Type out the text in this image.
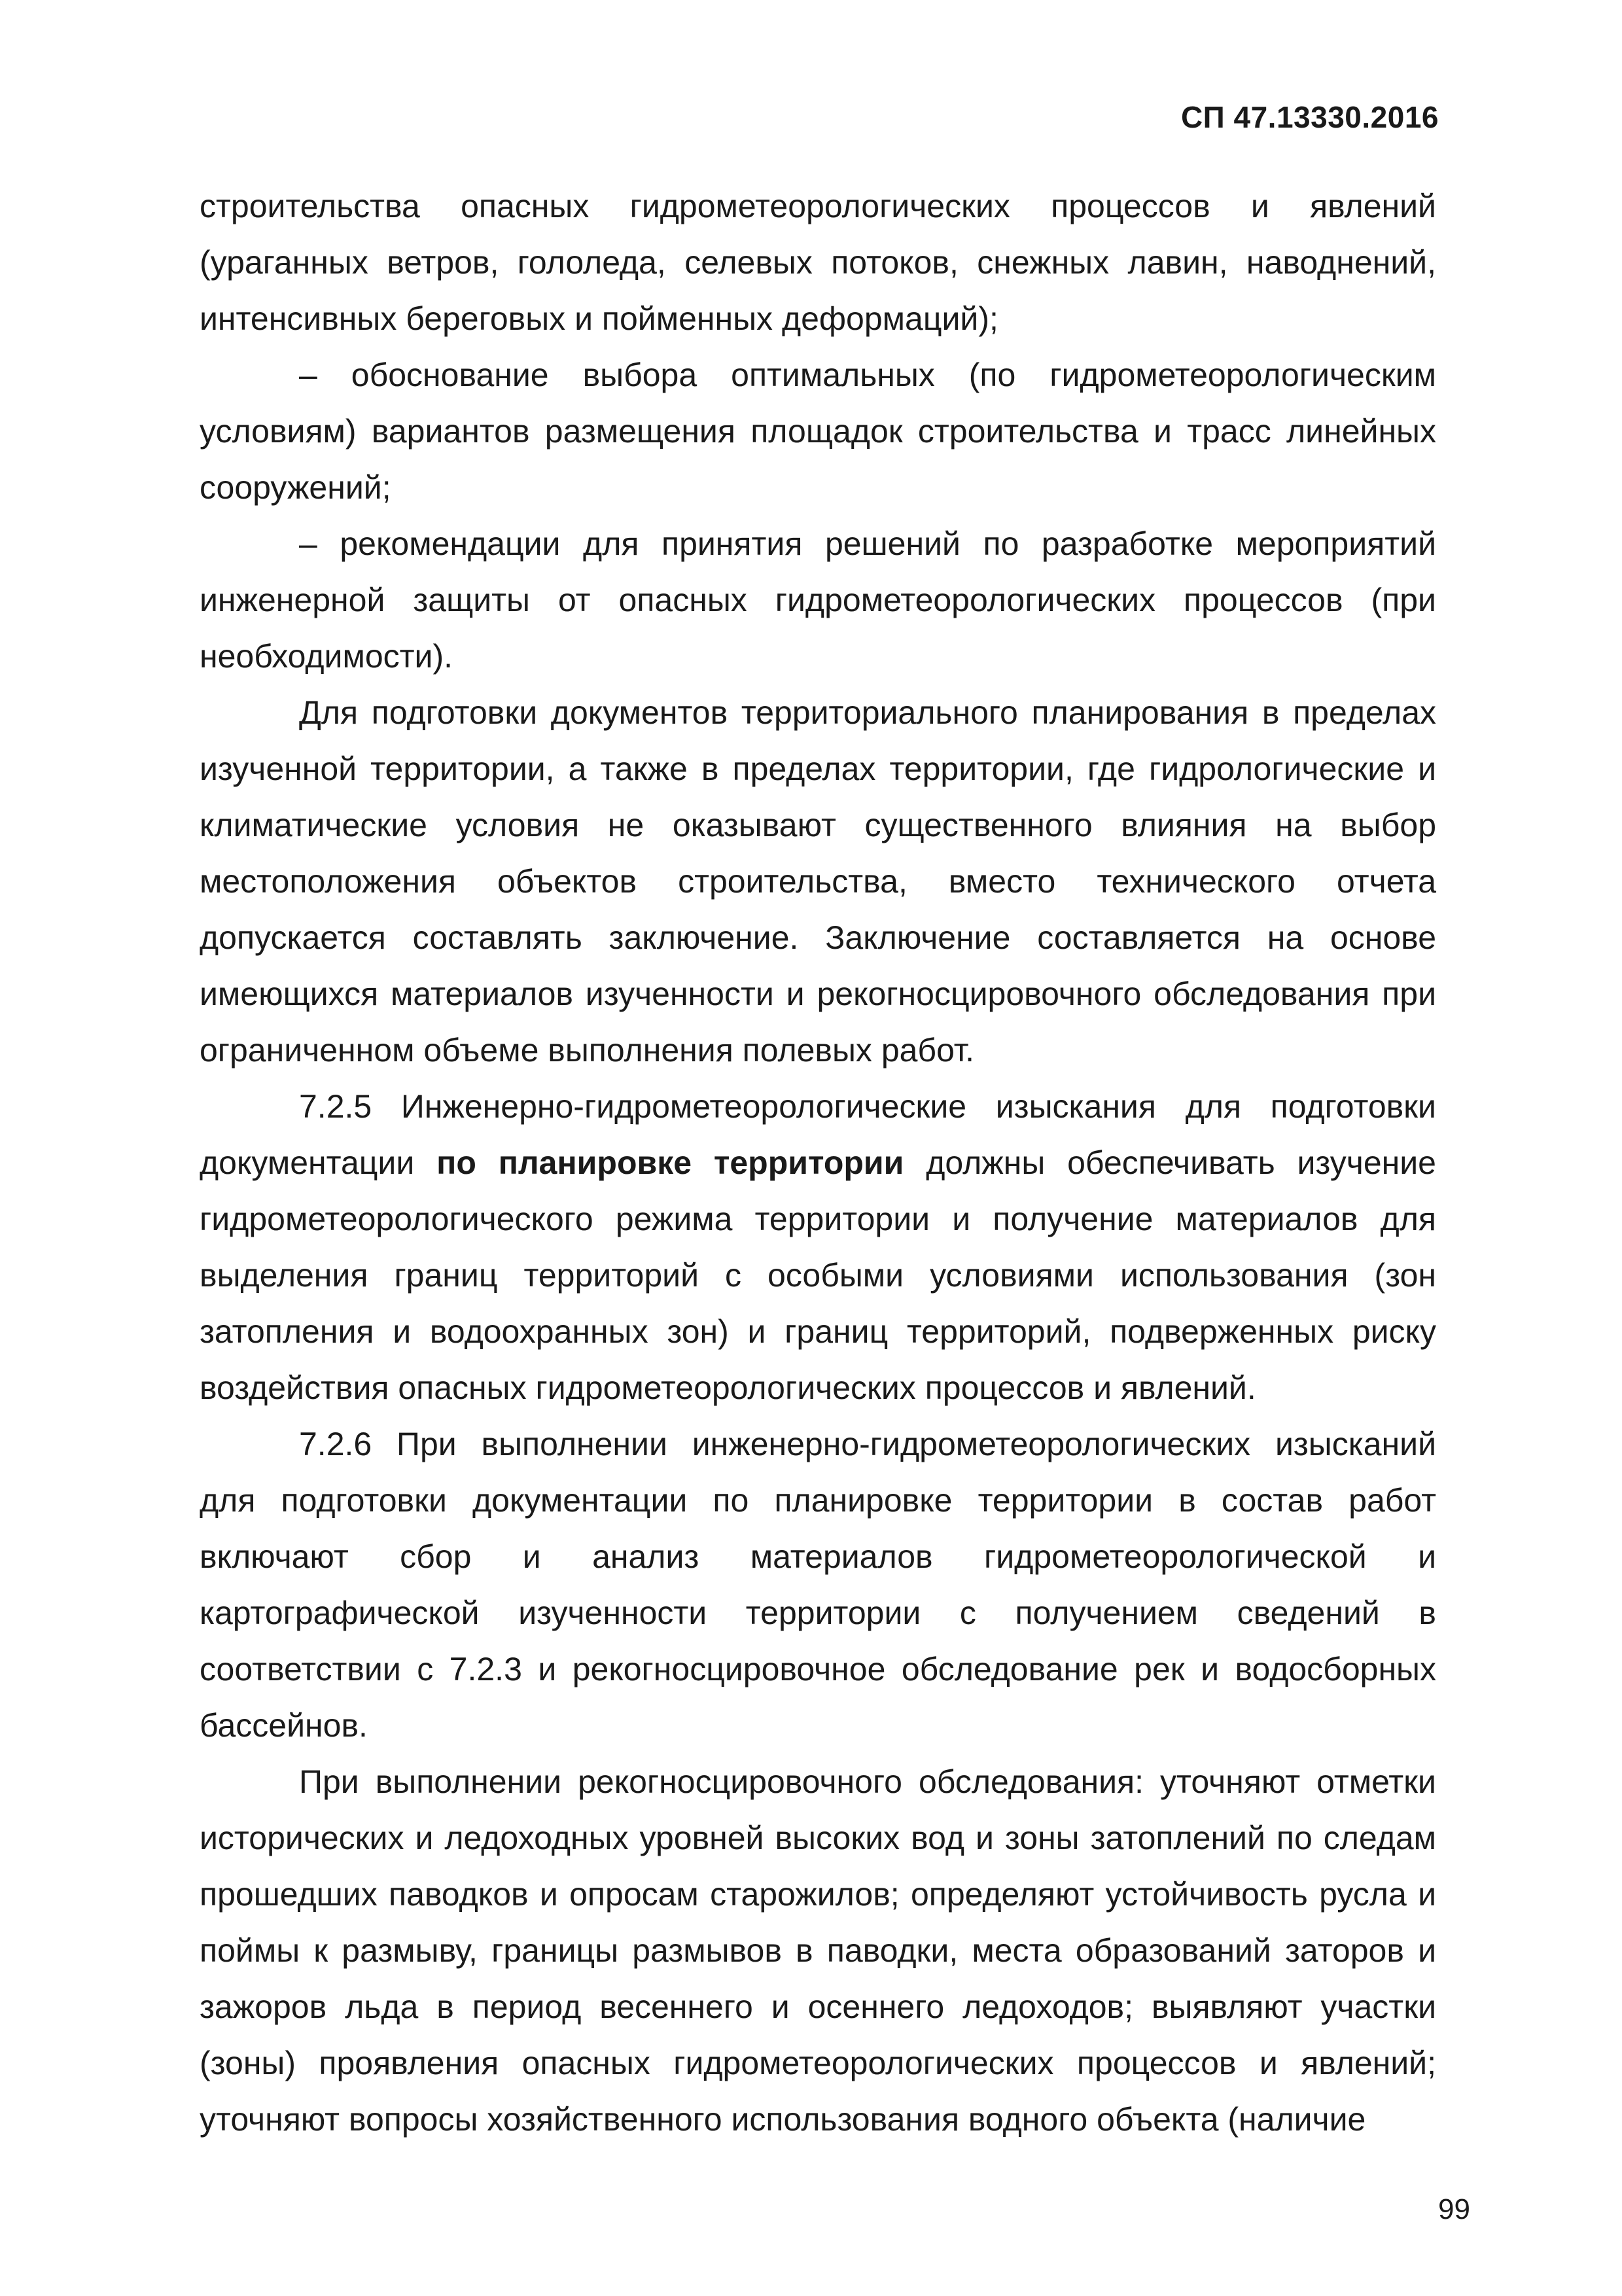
СП 47.13330.2016

строительства опасных гидрометеорологических процессов и явлений (ураганных ветров, гололеда, селевых потоков, снежных лавин, наводнений, интенсивных береговых и пойменных деформаций);

– обоснование выбора оптимальных (по гидрометеорологическим условиям) вариантов размещения площадок строительства и трасс линейных сооружений;

– рекомендации для принятия решений по разработке мероприятий инженерной защиты от опасных гидрометеорологических процессов (при необходимости).

Для подготовки документов территориального планирования в пределах изученной территории, а также в пределах территории, где гидрологические и климатические условия не оказывают существенного влияния на выбор местоположения объектов строительства, вместо технического отчета допускается составлять заключение. Заключение составляется на основе имеющихся материалов изученности и рекогносцировочного обследования при ограниченном объеме выполнения полевых работ.

7.2.5 Инженерно-гидрометеорологические изыскания для подготовки документации по планировке территории должны обеспечивать изучение гидрометеорологического режима территории и получение материалов для выделения границ территорий с особыми условиями использования (зон затопления и водоохранных зон) и границ территорий, подверженных риску воздействия опасных гидрометеорологических процессов и явлений.

7.2.6 При выполнении инженерно-гидрометеорологических изысканий для подготовки документации по планировке территории в состав работ включают сбор и анализ материалов гидрометеорологической и картографической изученности территории с получением сведений в соответствии с 7.2.3 и рекогносцировочное обследование рек и водосборных бассейнов.

При выполнении рекогносцировочного обследования: уточняют отметки исторических и ледоходных уровней высоких вод и зоны затоплений по следам прошедших паводков и опросам старожилов; определяют устойчивость русла и поймы к размыву, границы размывов в паводки, места образований заторов и зажоров льда в период весеннего и осеннего ледоходов; выявляют участки (зоны) проявления опасных гидрометеорологических процессов и явлений; уточняют вопросы хозяйственного использования водного объекта (наличие

99
